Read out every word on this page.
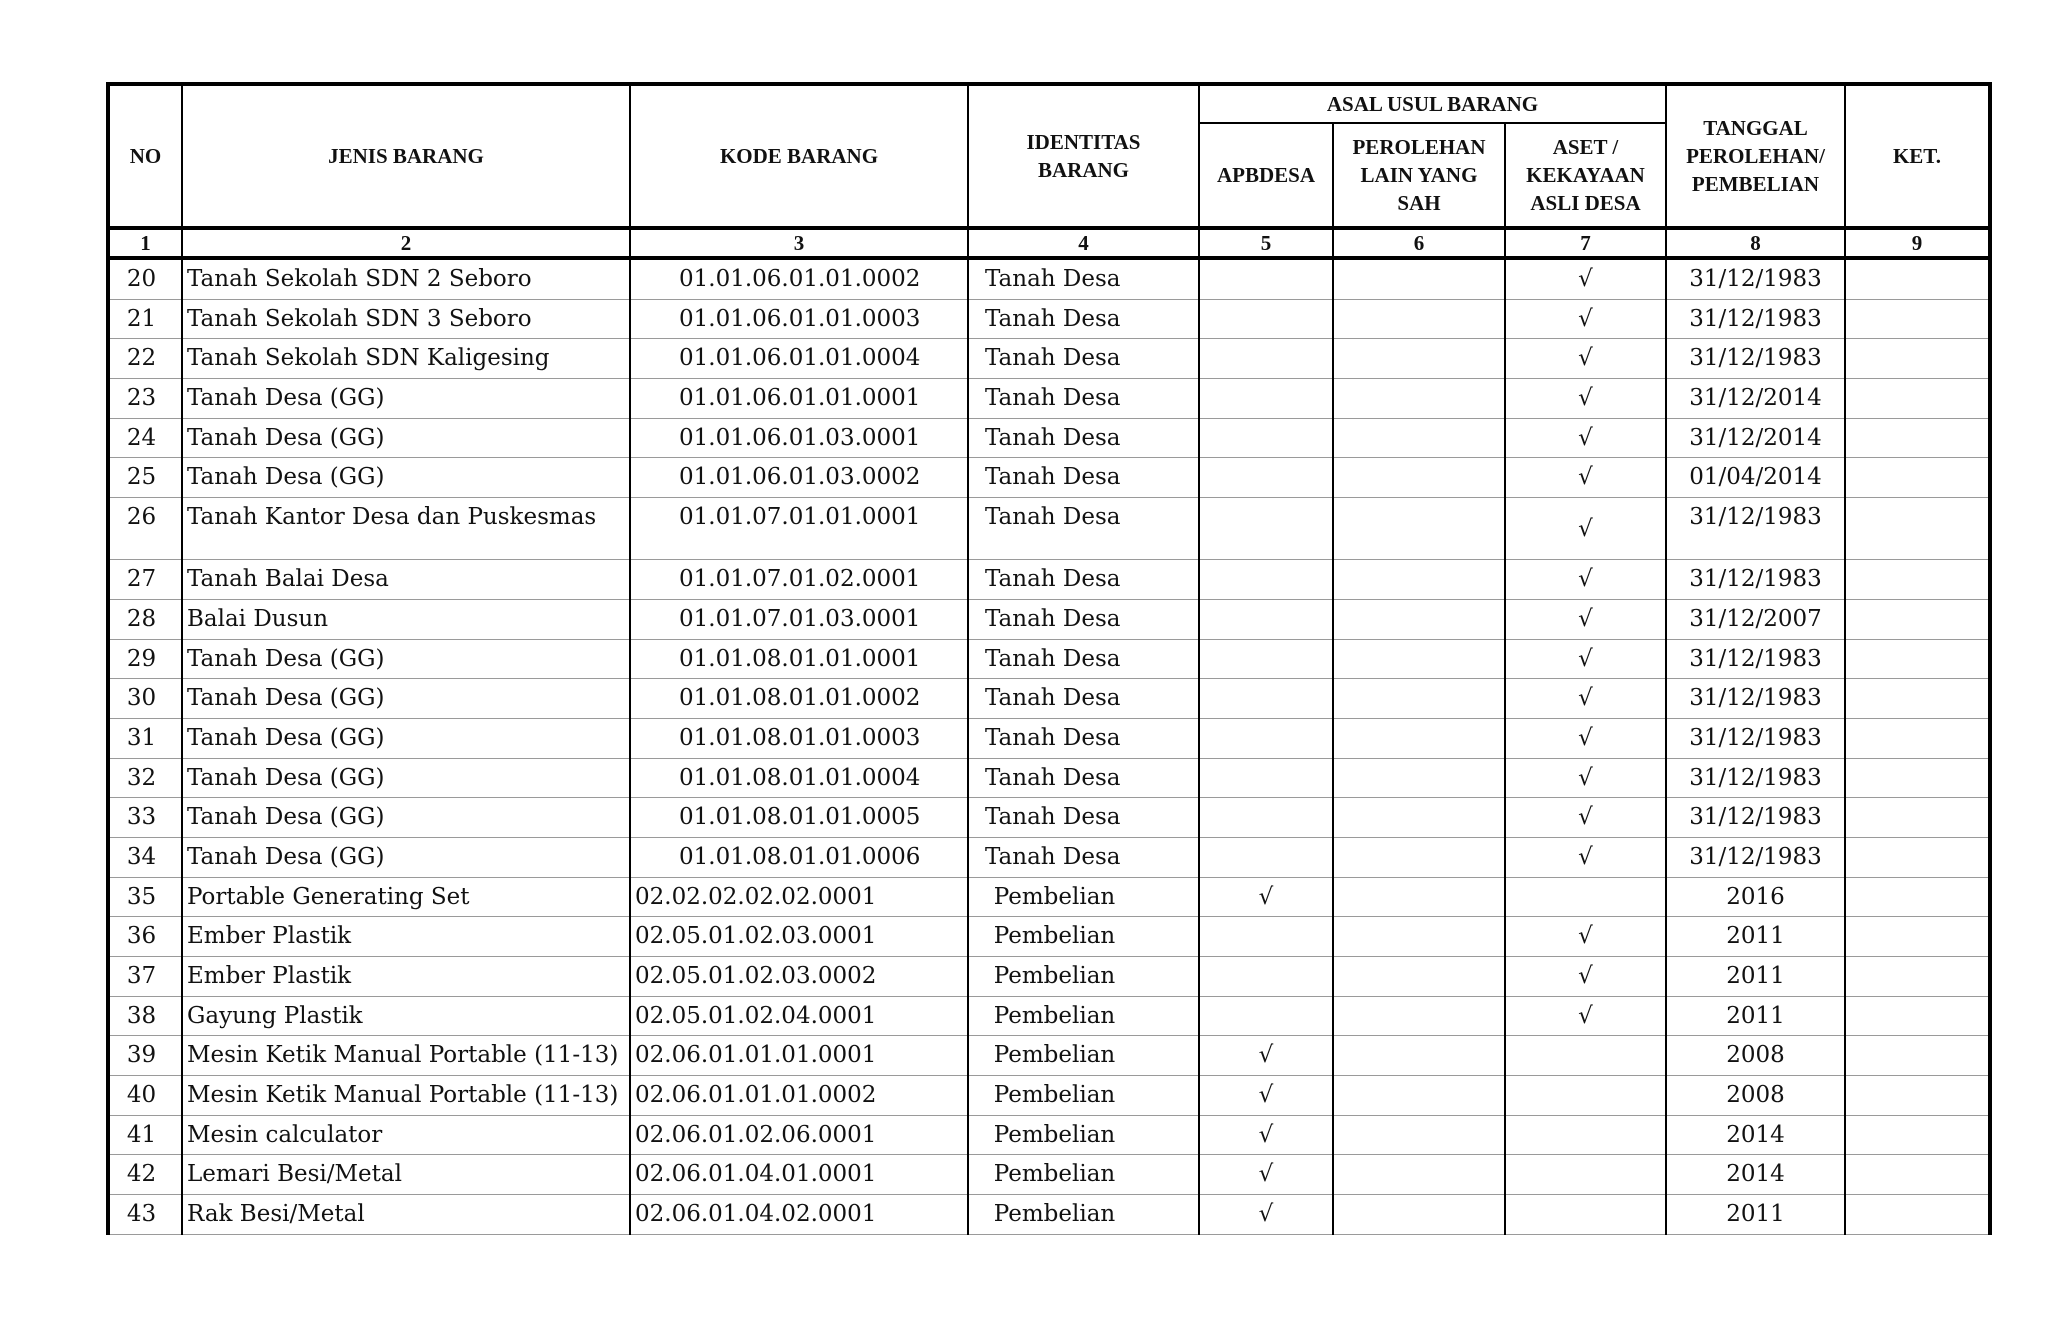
NO	JENIS BARANG	KODE BARANG	IDENTITAS BARANG	ASAL USUL BARANG			TANGGAL PEROLEHAN/ PEMBELIAN	KET.
				APBDESA	PEROLEHAN LAIN YANG SAH	ASET / KEKAYAAN ASLI DESA		
1	2	3	4	5	6	7	8	9
20	Tanah Sekolah SDN 2 Seboro	01.01.06.01.01.0002	Tanah Desa			√	31/12/1983	
21	Tanah Sekolah SDN 3 Seboro	01.01.06.01.01.0003	Tanah Desa			√	31/12/1983	
22	Tanah Sekolah SDN Kaligesing	01.01.06.01.01.0004	Tanah Desa			√	31/12/1983	
23	Tanah Desa (GG)	01.01.06.01.01.0001	Tanah Desa			√	31/12/2014	
24	Tanah Desa (GG)	01.01.06.01.03.0001	Tanah Desa			√	31/12/2014	
25	Tanah Desa (GG)	01.01.06.01.03.0002	Tanah Desa			√	01/04/2014	
26	Tanah Kantor Desa dan Puskesmas	01.01.07.01.01.0001	Tanah Desa			√	31/12/1983	
27	Tanah Balai Desa	01.01.07.01.02.0001	Tanah Desa			√	31/12/1983	
28	Balai Dusun	01.01.07.01.03.0001	Tanah Desa			√	31/12/2007	
29	Tanah Desa (GG)	01.01.08.01.01.0001	Tanah Desa			√	31/12/1983	
30	Tanah Desa (GG)	01.01.08.01.01.0002	Tanah Desa			√	31/12/1983	
31	Tanah Desa (GG)	01.01.08.01.01.0003	Tanah Desa			√	31/12/1983	
32	Tanah Desa (GG)	01.01.08.01.01.0004	Tanah Desa			√	31/12/1983	
33	Tanah Desa (GG)	01.01.08.01.01.0005	Tanah Desa			√	31/12/1983	
34	Tanah Desa (GG)	01.01.08.01.01.0006	Tanah Desa			√	31/12/1983	
35	Portable Generating Set	02.02.02.02.02.0001	Pembelian	√			2016	
36	Ember Plastik	02.05.01.02.03.0001	Pembelian			√	2011	
37	Ember Plastik	02.05.01.02.03.0002	Pembelian			√	2011	
38	Gayung Plastik	02.05.01.02.04.0001	Pembelian			√	2011	
39	Mesin Ketik Manual Portable (11-13)	02.06.01.01.01.0001	Pembelian	√			2008	
40	Mesin Ketik Manual Portable (11-13)	02.06.01.01.01.0002	Pembelian	√			2008	
41	Mesin calculator	02.06.01.02.06.0001	Pembelian	√			2014	
42	Lemari Besi/Metal	02.06.01.04.01.0001	Pembelian	√			2014	
43	Rak Besi/Metal	02.06.01.04.02.0001	Pembelian	√			2011	
